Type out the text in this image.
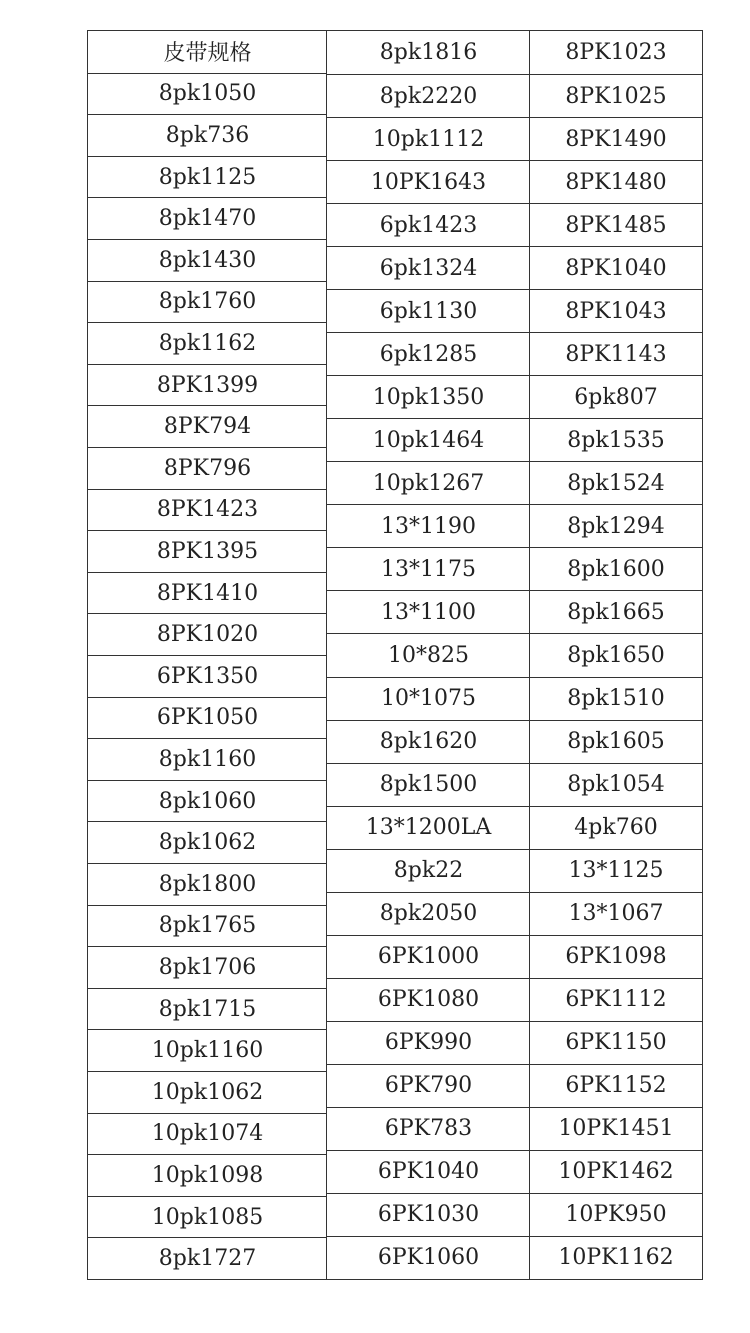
皮带规格
8pk1050
8pk736
8pk1125
8pk1470
8pk1430
8pk1760
8pk1162
8PK1399
8PK794
8PK796
8PK1423
8PK1395
8PK1410
8PK1020
6PK1350
6PK1050
8pk1160
8pk1060
8pk1062
8pk1800
8pk1765
8pk1706
8pk1715
10pk1160
10pk1062
10pk1074
10pk1098
10pk1085
8pk1727
8pk1816
8pk2220
10pk1112
10PK1643
6pk1423
6pk1324
6pk1130
6pk1285
10pk1350
10pk1464
10pk1267
13*1190
13*1175
13*1100
10*825
10*1075
8pk1620
8pk1500
13*1200LA
8pk22
8pk2050
6PK1000
6PK1080
6PK990
6PK790
6PK783
6PK1040
6PK1030
6PK1060
8PK1023
8PK1025
8PK1490
8PK1480
8PK1485
8PK1040
8PK1043
8PK1143
6pk807
8pk1535
8pk1524
8pk1294
8pk1600
8pk1665
8pk1650
8pk1510
8pk1605
8pk1054
4pk760
13*1125
13*1067
6PK1098
6PK1112
6PK1150
6PK1152
10PK1451
10PK1462
10PK950
10PK1162
